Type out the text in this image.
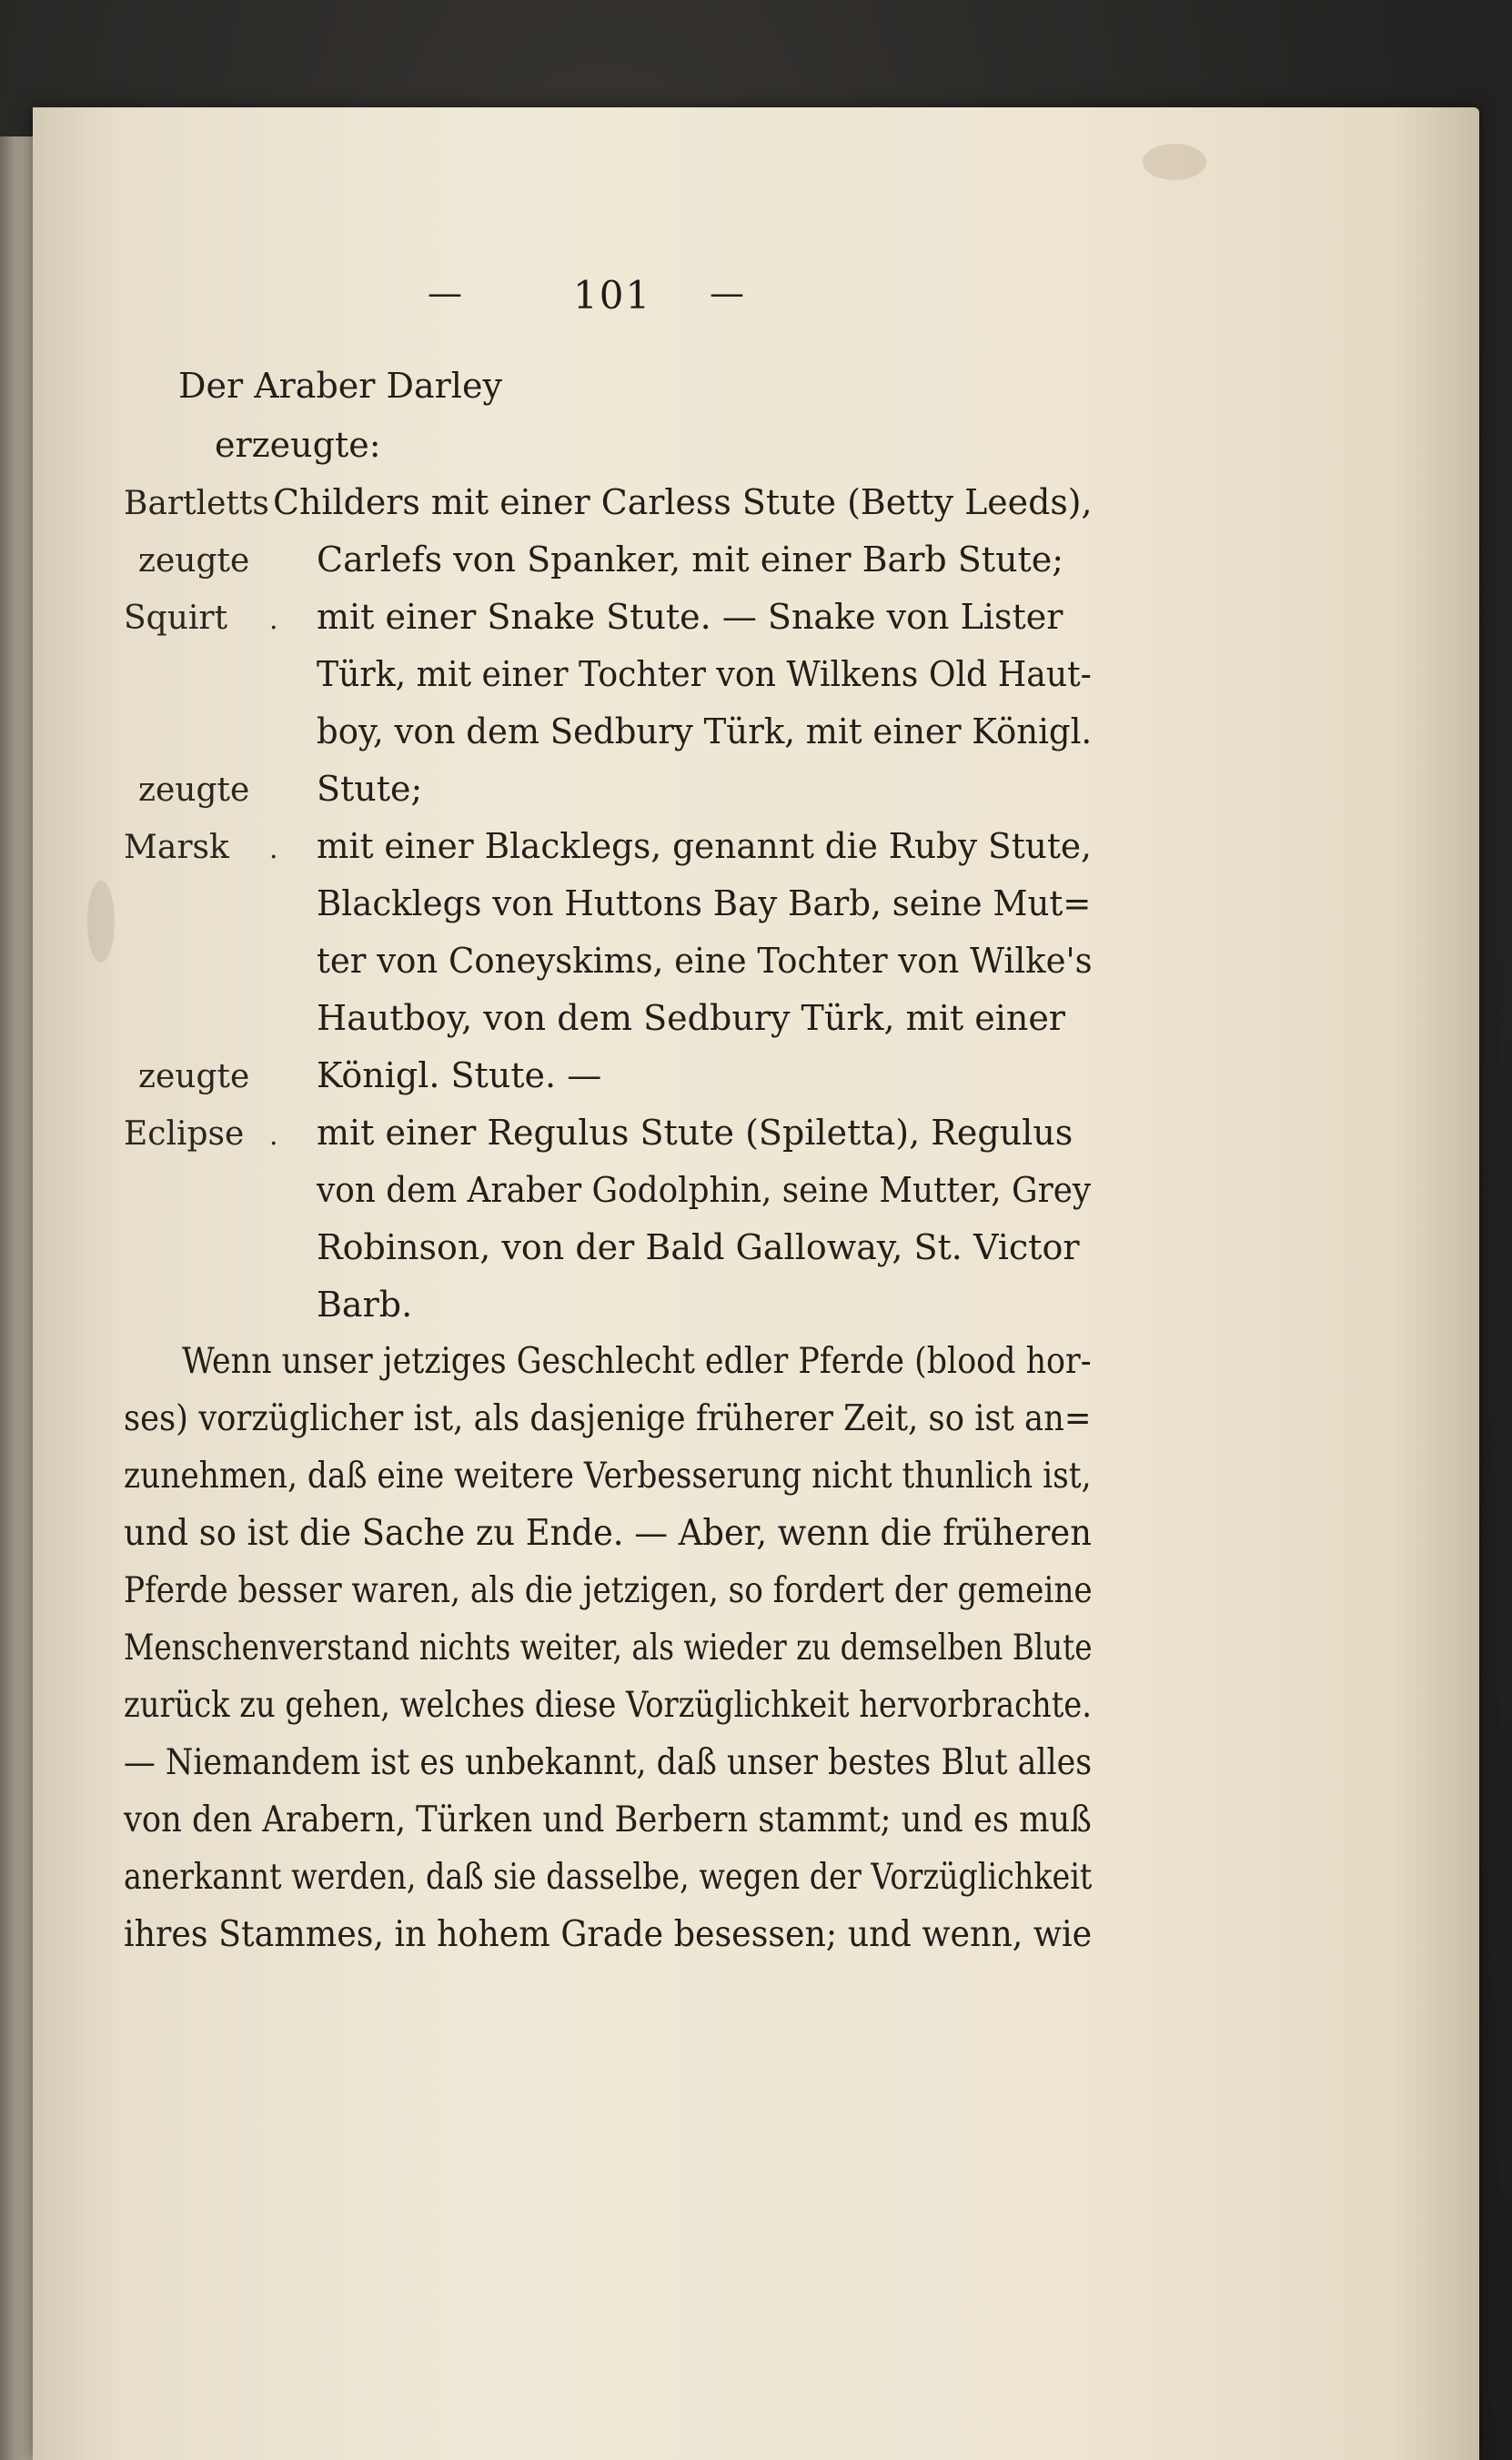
—	101 —
Der Araber Darley
erzeugte:
Bartletts Childers mit einer Carless Stute (Betty Leeds),
zeugte Carlefs von Spanker, mit einer Barb Stute;
Squirt . mit einer Snake Stute. — Snake von Lister
Türk, mit einer Tochter von Wilkens Old Haut-
boy, von dem Sedbury Türk, mit einer Königl.
zeugte Stute;
Marsk . mit einer Blacklegs, genannt die Ruby Stute,
Blacklegs von Huttons Bay Barb, seine Mut=
ter von Coneyskims, eine Tochter von Wilke's
Hautboy, von dem Sedbury Türk, mit einer
zeugte Königl. Stute. —
Eclipse . mit einer Regulus Stute (Spiletta), Regulus
von dem Araber Godolphin, seine Mutter, Grey
Robinson, von der Bald Galloway, St. Victor
Barb.
Wenn unser jetziges Geschlecht edler Pferde (blood hor-
ses) vorzüglicher ist, als dasjenige früherer Zeit, so ist an=
zunehmen, daß eine weitere Verbesserung nicht thunlich ist,
und so ist die Sache zu Ende. — Aber, wenn die früheren
Pferde besser waren, als die jetzigen, so fordert der gemeine
Menschenverstand nichts weiter, als wieder zu demselben Blute
zurück zu gehen, welches diese Vorzüglichkeit hervorbrachte.
— Niemandem ist es unbekannt, daß unser bestes Blut alles
von den Arabern, Türken und Berbern stammt; und es muß
anerkannt werden, daß sie dasselbe, wegen der Vorzüglichkeit
ihres Stammes, in hohem Grade besessen; und wenn, wie
